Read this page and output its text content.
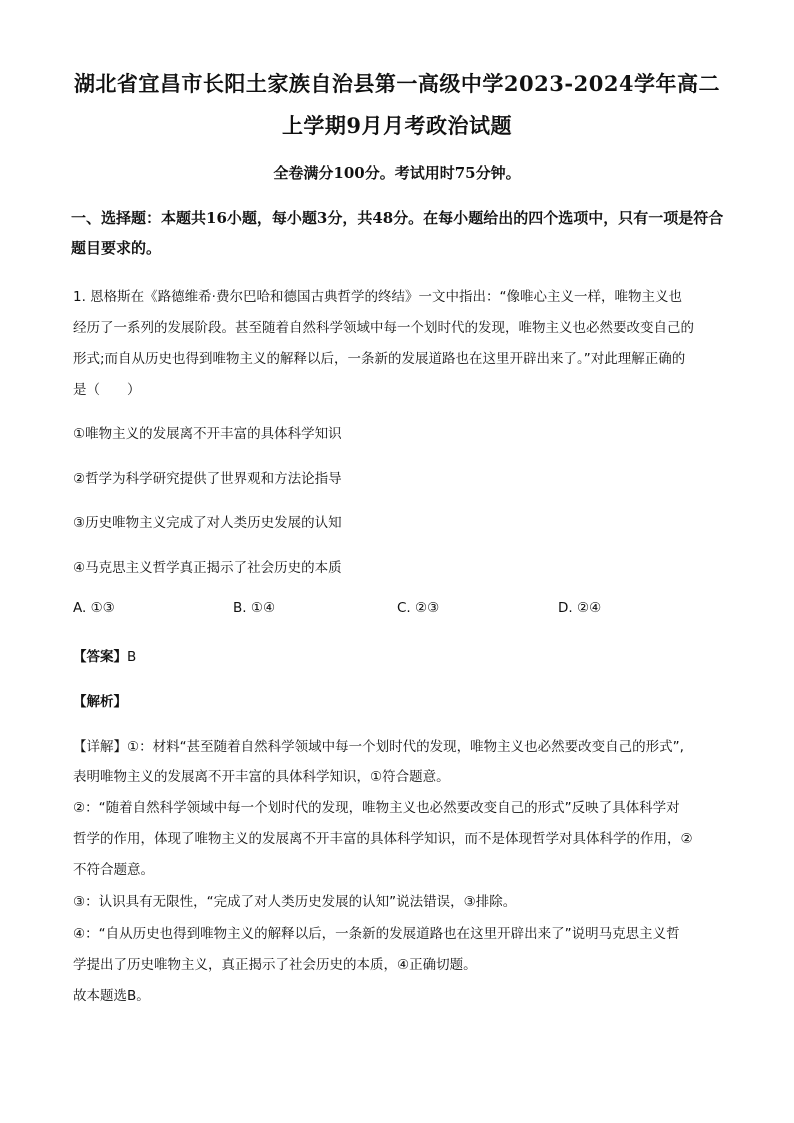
湖北省宜昌市长阳土家族自治县第一高级中学2023-2024学年高二
上学期9月月考政治试题
全卷满分100分。考试用时75分钟。
一、选择题：本题共16小题，每小题3分，共48分。在每小题给出的四个选项中，只有一项是符合题目要求的。
1. 恩格斯在《路德维希·费尔巴哈和德国古典哲学的终结》一文中指出：“像唯心主义一样，唯物主义也
经历了一系列的发展阶段。甚至随着自然科学领域中每一个划时代的发现，唯物主义也必然要改变自己的
形式;而自从历史也得到唯物主义的解释以后，一条新的发展道路也在这里开辟出来了。”对此理解正确的
是（　　）
①唯物主义的发展离不开丰富的具体科学知识
②哲学为科学研究提供了世界观和方法论指导
③历史唯物主义完成了对人类历史发展的认知
④马克思主义哲学真正揭示了社会历史的本质
A. ①③	B. ①④	C. ②③	D. ②④
【答案】B
【解析】
【详解】①：材料“甚至随着自然科学领域中每一个划时代的发现，唯物主义也必然要改变自己的形式”,
表明唯物主义的发展离不开丰富的具体科学知识，①符合题意。
②：“随着自然科学领域中每一个划时代的发现，唯物主义也必然要改变自己的形式”反映了具体科学对
哲学的作用，体现了唯物主义的发展离不开丰富的具体科学知识，而不是体现哲学对具体科学的作用，②
不符合题意。
③：认识具有无限性，“完成了对人类历史发展的认知”说法错误，③排除。
④：“自从历史也得到唯物主义的解释以后，一条新的发展道路也在这里开辟出来了”说明马克思主义哲
学提出了历史唯物主义，真正揭示了社会历史的本质，④正确切题。
故本题选B。
